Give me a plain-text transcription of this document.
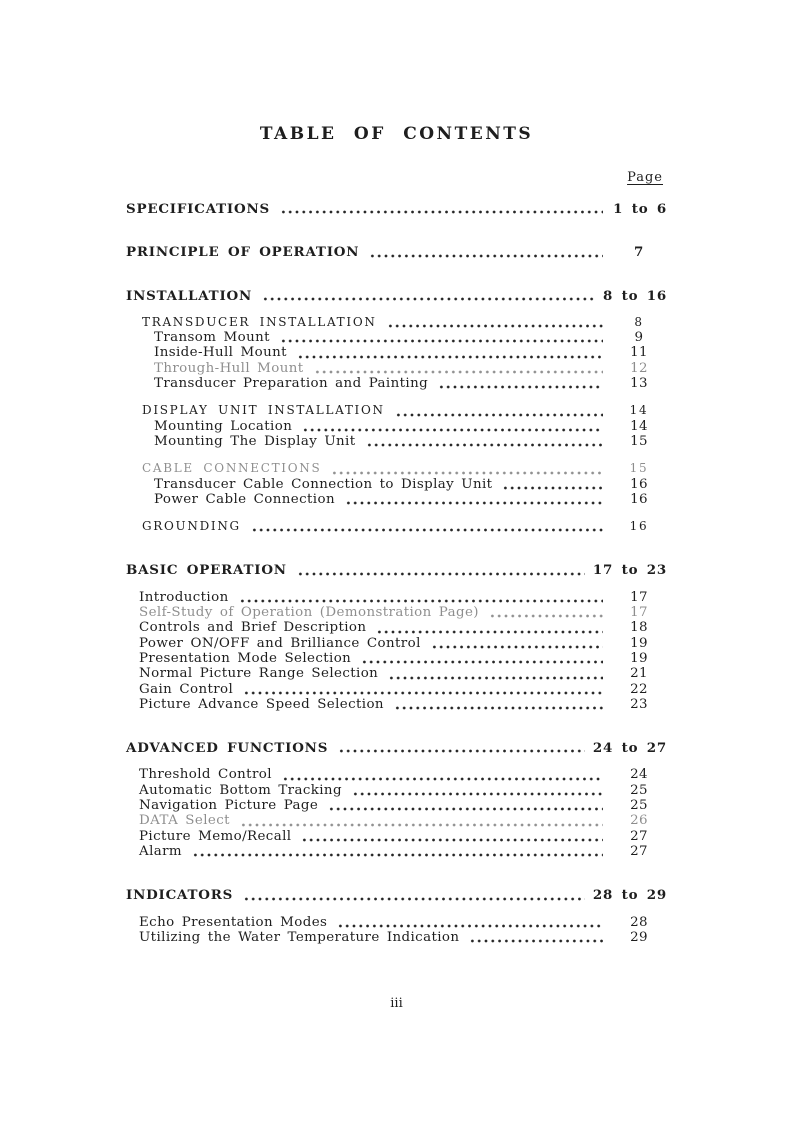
TABLE OF CONTENTS
Page
SPECIFICATIONS	1 to 6
PRINCIPLE OF OPERATION	7
INSTALLATION	8 to 16
TRANSDUCER INSTALLATION	8
Transom Mount	9
Inside-Hull Mount	11
Through-Hull Mount	12
Transducer Preparation and Painting	13
DISPLAY UNIT INSTALLATION	14
Mounting Location	14
Mounting The Display Unit	15
CABLE CONNECTIONS	15
Transducer Cable Connection to Display Unit	16
Power Cable Connection	16
GROUNDING	16
BASIC OPERATION	17 to 23
Introduction	17
Self-Study of Operation (Demonstration Page)	17
Controls and Brief Description	18
Power ON/OFF and Brilliance Control	19
Presentation Mode Selection	19
Normal Picture Range Selection	21
Gain Control	22
Picture Advance Speed Selection	23
ADVANCED FUNCTIONS	24 to 27
Threshold Control	24
Automatic Bottom Tracking	25
Navigation Picture Page	25
DATA Select	26
Picture Memo/Recall	27
Alarm	27
INDICATORS	28 to 29
Echo Presentation Modes	28
Utilizing the Water Temperature Indication	29
iii
